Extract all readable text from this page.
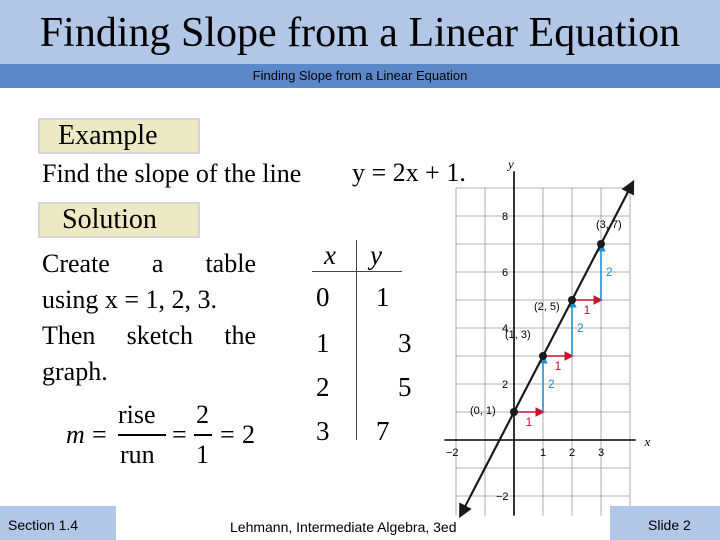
Finding Slope from a Linear Equation
Finding Slope from a Linear Equation
Example
Find the slope of the line y = 2x + 1.
Solution
Create a table
using x = 1, 2, 3.
Then sketch the
graph.
m =
rise
run
=
2
1
= 2
x y
0 1
1	3
2	5
3 7	x
y
−2	1 2 3
8
6
4
2
−2
1
2
1
2
1
2
(0, 1)
(1, 3)
(2, 5)
(3, 7)
Section 1.4	Lehmann, Intermediate Algebra, 3ed	Slide 2
